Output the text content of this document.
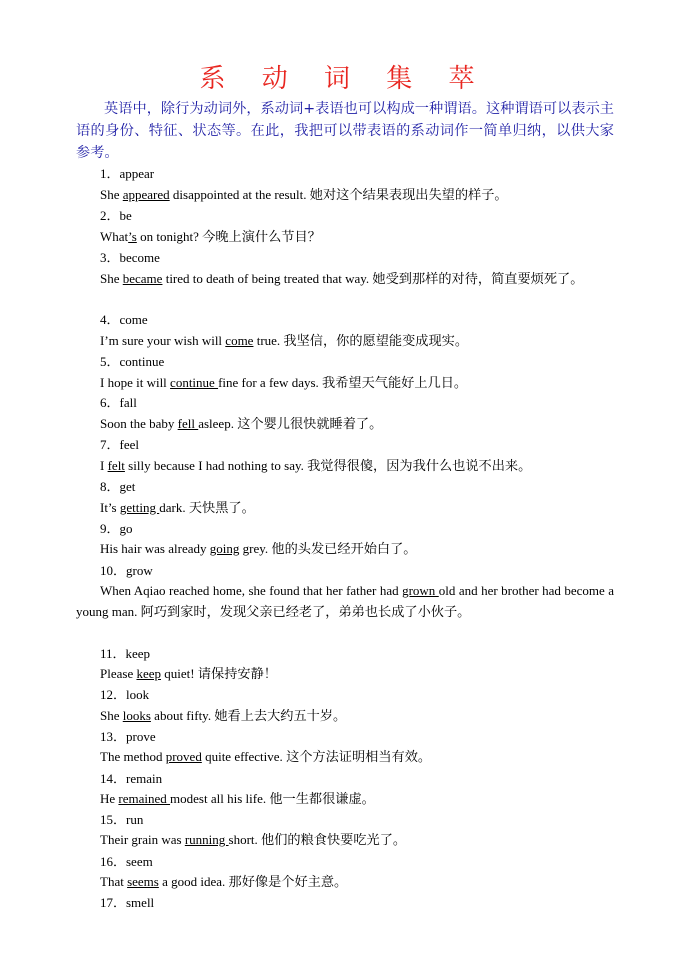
系 动 词 集 萃
英语中，除行为动词外，系动词+表语也可以构成一种谓语。这种谓语可以表示主语的身份、特征、状态等。在此，我把可以带表语的系动词作一简单归纳，以供大家参考。
1．appear
She appeared disappointed at the result. 她对这个结果表现出失望的样子。
2．be
What’s on tonight? 今晚上演什么节目？
3．become
She became tired to death of being treated that way. 她受到那样的对待，简直要烦死了。
4．come
I’m sure your wish will come true. 我坚信，你的愿望能变成现实。
5．continue
I hope it will continue fine for a few days. 我希望天气能好上几日。
6．fall
Soon the baby fell asleep. 这个婴儿很快就睡着了。
7．feel
I felt silly because I had nothing to say. 我觉得很傻，因为我什么也说不出来。
8．get
It’s getting dark. 天快黑了。
9．go
His hair was already going grey. 他的头发已经开始白了。
10．grow
When Aqiao reached home, she found that her father had grown old and her brother had become a young man. 阿巧到家时，发现父亲已经老了，弟弟也长成了小伙子。
11．keep
Please keep quiet! 请保持安静！
12．look
She looks about fifty. 她看上去大约五十岁。
13．prove
The method proved quite effective. 这个方法证明相当有效。
14．remain
He remained modest all his life. 他一生都很谦虚。
15．run
Their grain was running short. 他们的粮食快要吃光了。
16．seem
That seems a good idea. 那好像是个好主意。
17．smell
